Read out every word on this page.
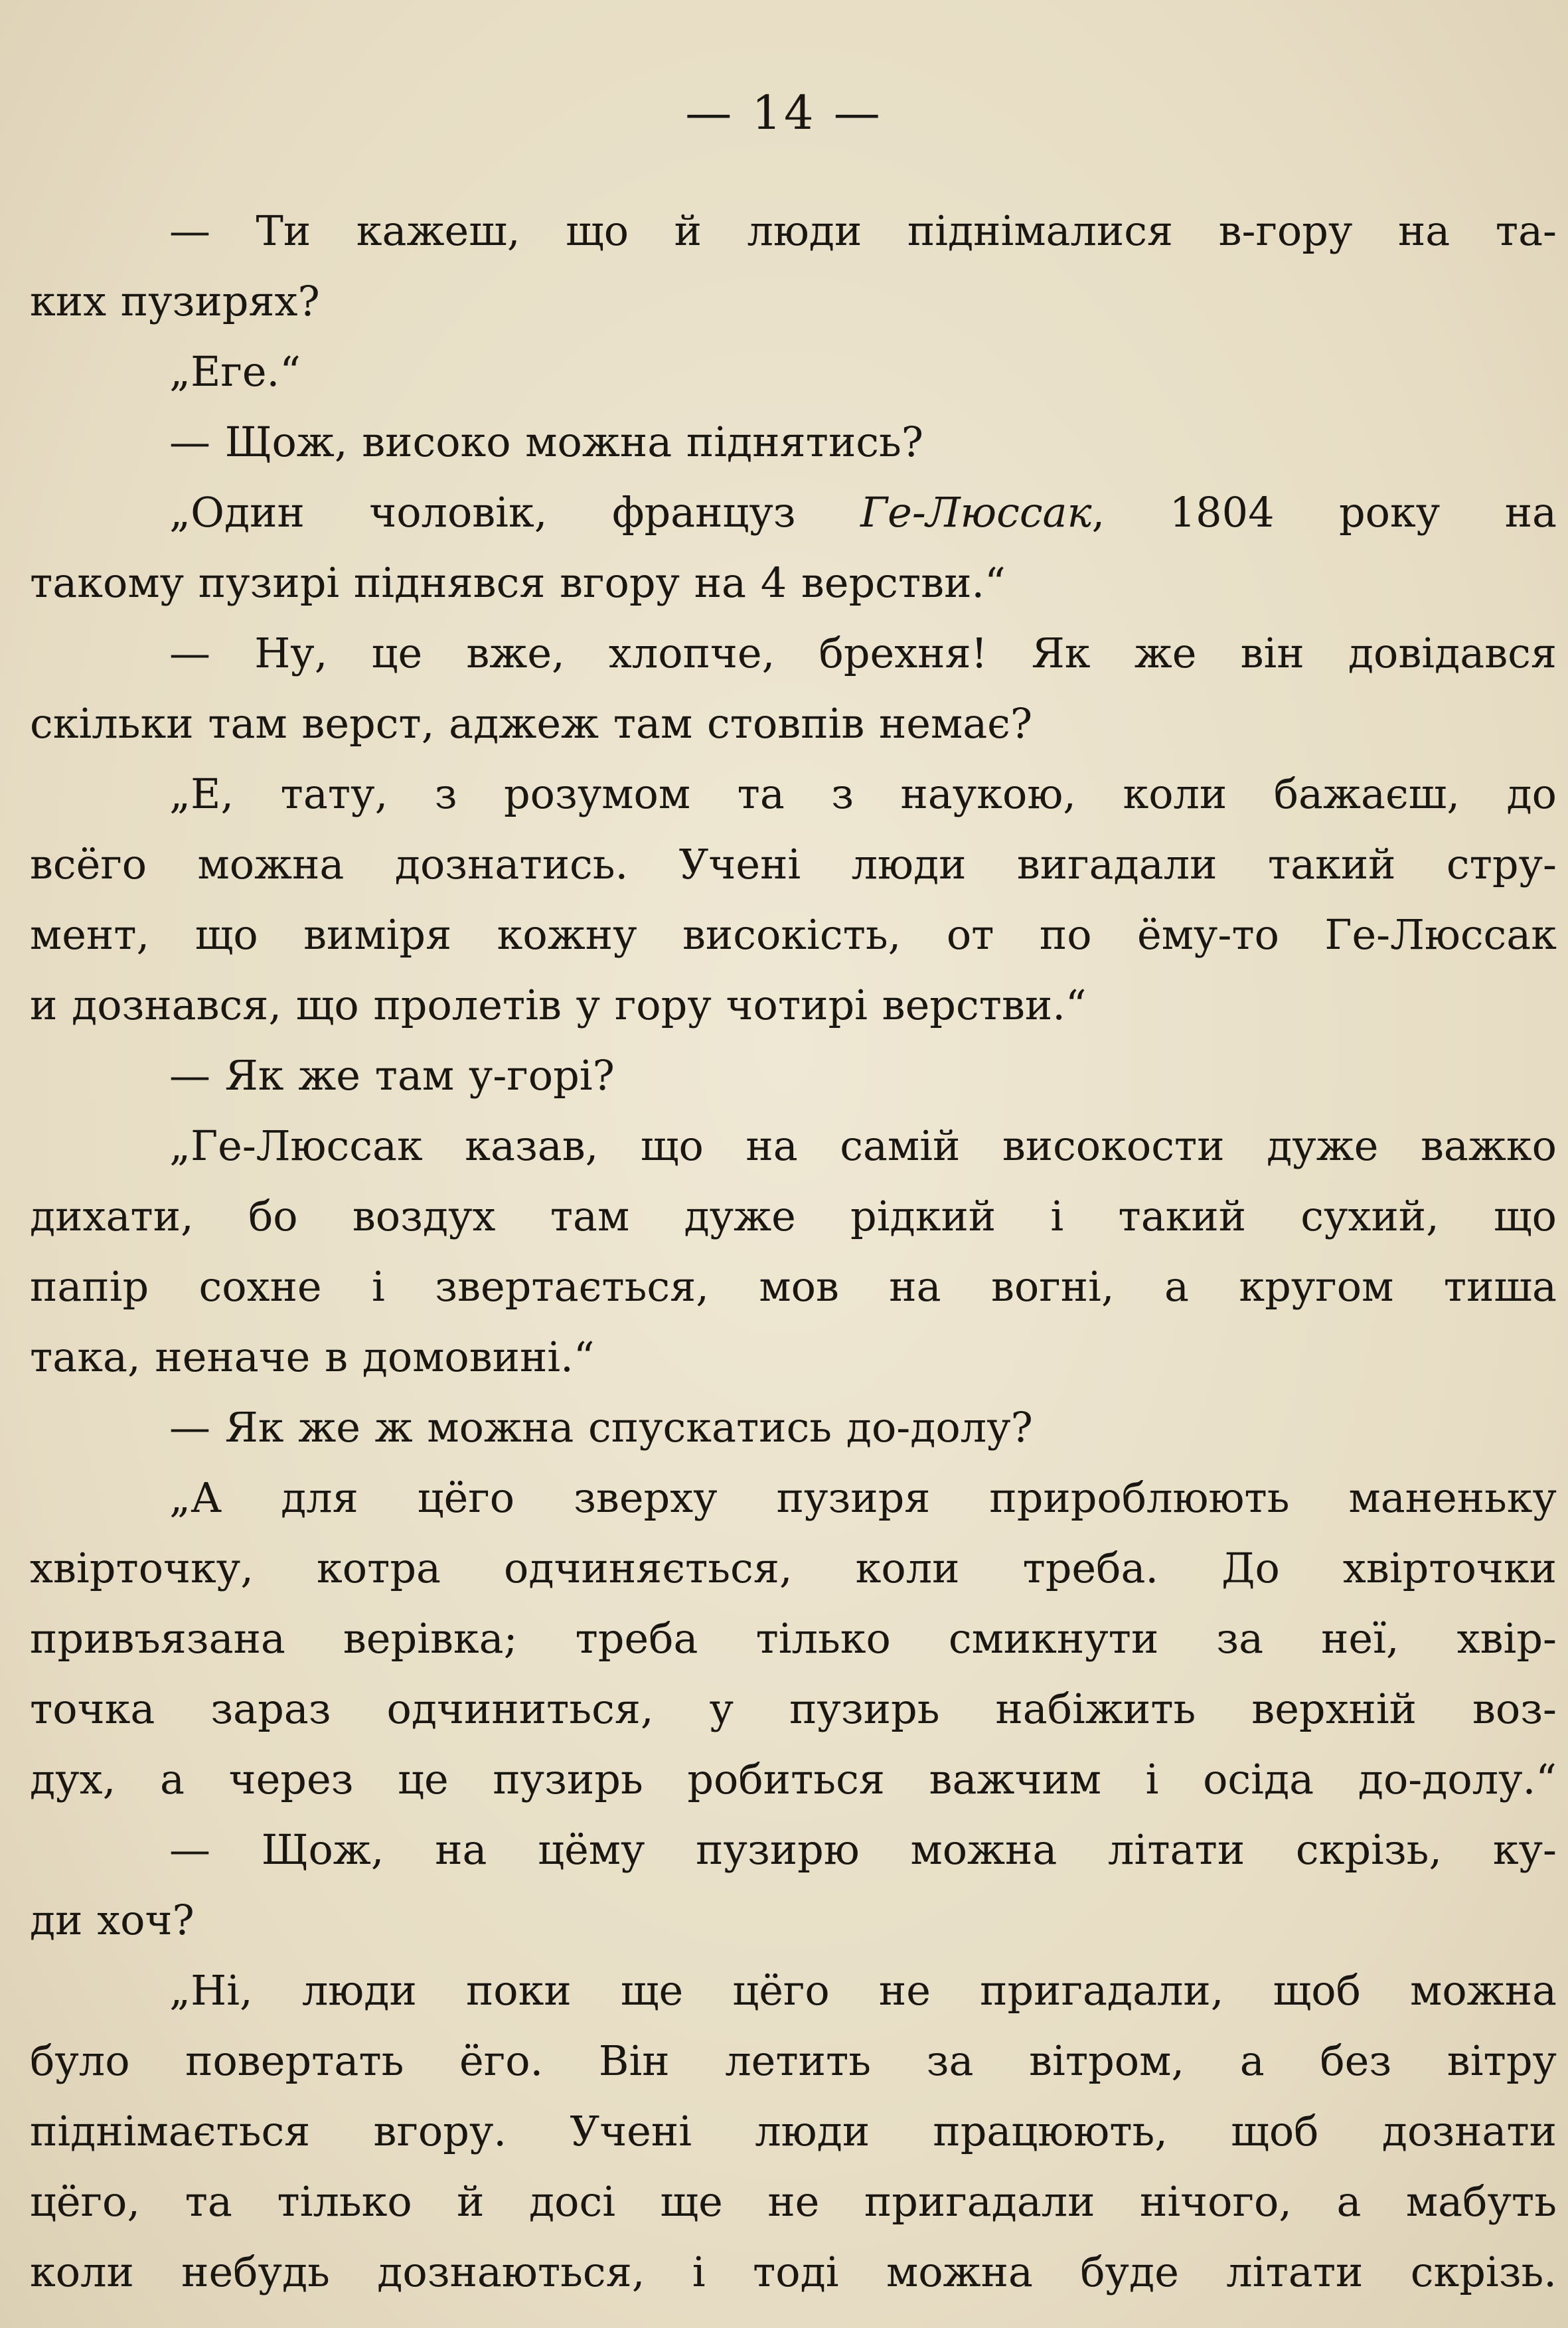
— 14 —
— Ти кажеш, що й люди піднімалися в-гору на та-
ких пузирях?
„Еге.“
— Щож, високо можна піднятись?
„Один чоловік, француз Ге-Люссак, 1804 року на
такому пузирі піднявся вгору на 4 верстви.“
— Ну, це вже, хлопче, брехня! Як же він довідався
скільки там верст, аджеж там стовпів немає?
„Е, тату, з розумом та з наукою, коли бажаєш, до
всёго можна дознатись. Учені люди вигадали такий стру-
мент, що виміря кожну високість, от по ёму-то Ге-Люссак
и дознався, що пролетів у гору чотирі верстви.“
— Як же там у-горі?
„Ге-Люссак казав, що на самій високости дуже важко
дихати, бо воздух там дуже рідкий і такий сухий, що
папір сохне і звертається, мов на вогні, а кругом тиша
така, неначе в домовині.“
— Як же ж можна спускатись до-долу?
„А для цёго зверху пузиря прироблюють маненьку
хвірточку, котра одчиняється, коли треба. До хвірточки
привъязана верівка; треба тілько смикнути за неї, хвір-
точка зараз одчиниться, у пузирь набіжить верхній воз-
дух, а через це пузирь робиться важчим і осіда до-долу.“
— Щож, на цёму пузирю можна літати скрізь, ку-
ди хоч?
„Ні, люди поки ще цёго не пригадали, щоб можна
було повертать ёго. Він летить за вітром, а без вітру
піднімається вгору. Учені люди працюють, щоб дознати
цёго, та тілько й досі ще не пригадали нічого, а мабуть
коли небудь дознаються, і тоді можна буде літати скрізь.
